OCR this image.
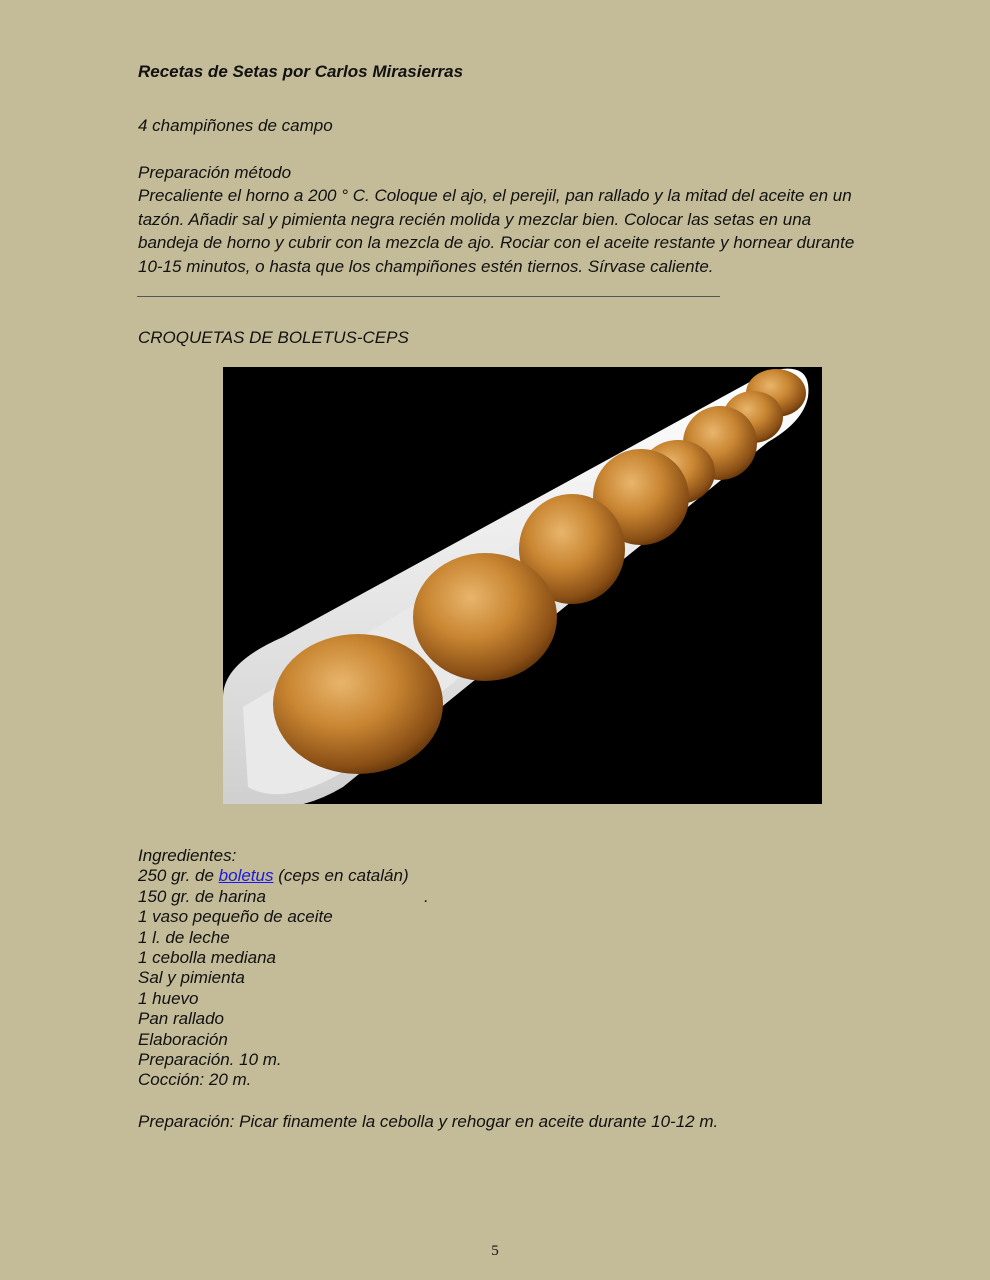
Recetas de Setas por Carlos Mirasierras

4 champiñones de campo

Preparación método

Precaliente el horno a 200 ° C. Coloque el ajo, el perejil, pan rallado y la mitad del aceite en un
tazón. Añadir sal y pimienta negra recién molida y mezclar bien. Colocar las setas en una
bandeja de horno y cubrir con la mezcla de ajo. Rociar con el aceite restante y hornear durante
10-15 minutos, o hasta que los champiñones estén tiernos. Sírvase caliente.

CROQUETAS DE BOLETUS-CEPS

Ingredientes:
250 gr. de boletus (ceps en catalán)
150 gr. de harina	.
1 vaso pequeño de aceite
1 l. de leche
1 cebolla mediana
Sal y pimienta
1 huevo
Pan rallado
Elaboración
Preparación. 10 m.
Cocción: 20 m.

Preparación: Picar finamente la cebolla y rehogar en aceite durante 10-12 m.

5
